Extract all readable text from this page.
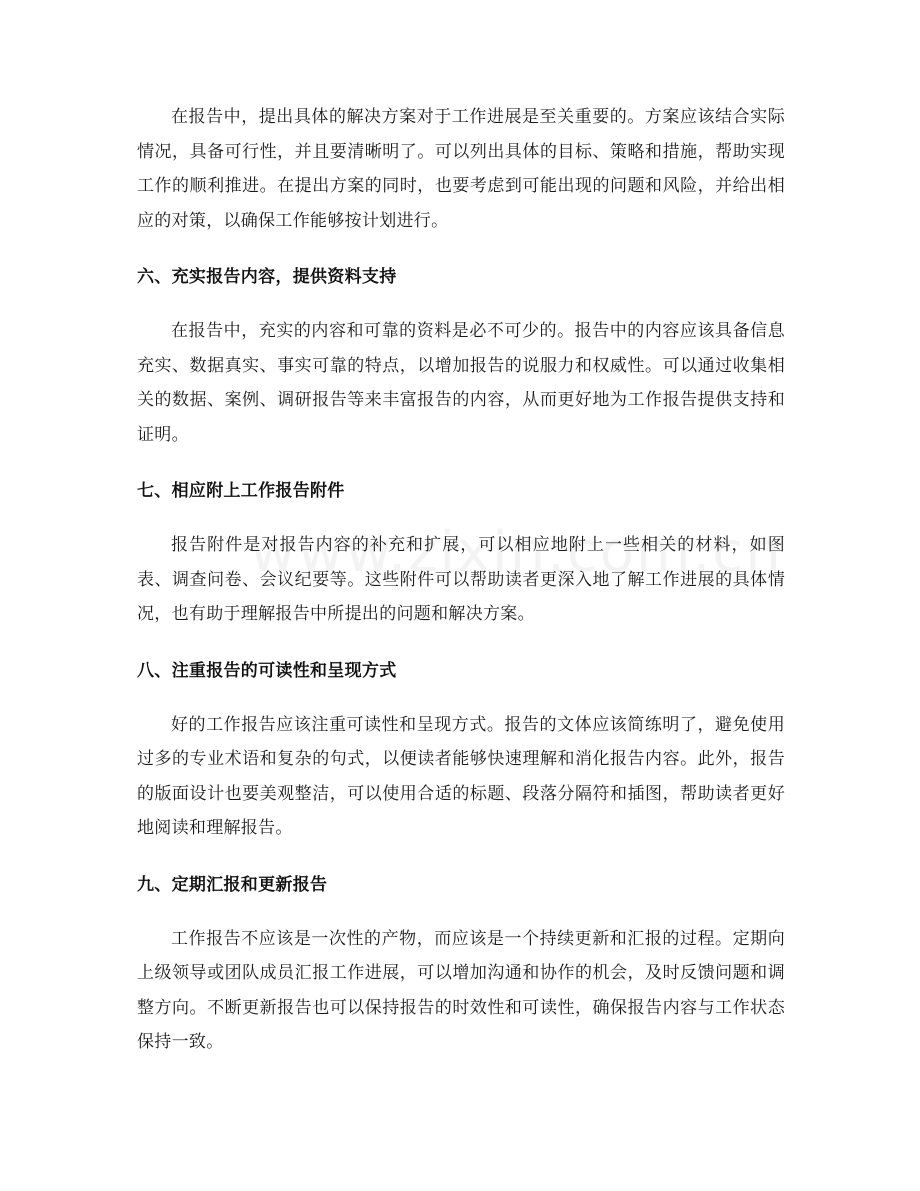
在报告中，提出具体的解决方案对于工作进展是至关重要的。方案应该结合实际情况，具备可行性，并且要清晰明了。可以列出具体的目标、策略和措施，帮助实现工作的顺利推进。在提出方案的同时，也要考虑到可能出现的问题和风险，并给出相应的对策，以确保工作能够按计划进行。

六、充实报告内容，提供资料支持

在报告中，充实的内容和可靠的资料是必不可少的。报告中的内容应该具备信息充实、数据真实、事实可靠的特点，以增加报告的说服力和权威性。可以通过收集相关的数据、案例、调研报告等来丰富报告的内容，从而更好地为工作报告提供支持和证明。

七、相应附上工作报告附件

报告附件是对报告内容的补充和扩展，可以相应地附上一些相关的材料，如图表、调查问卷、会议纪要等。这些附件可以帮助读者更深入地了解工作进展的具体情况，也有助于理解报告中所提出的问题和解决方案。

八、注重报告的可读性和呈现方式

好的工作报告应该注重可读性和呈现方式。报告的文体应该简练明了，避免使用过多的专业术语和复杂的句式，以便读者能够快速理解和消化报告内容。此外，报告的版面设计也要美观整洁，可以使用合适的标题、段落分隔符和插图，帮助读者更好地阅读和理解报告。

九、定期汇报和更新报告

工作报告不应该是一次性的产物，而应该是一个持续更新和汇报的过程。定期向上级领导或团队成员汇报工作进展，可以增加沟通和协作的机会，及时反馈问题和调整方向。不断更新报告也可以保持报告的时效性和可读性，确保报告内容与工作状态保持一致。
